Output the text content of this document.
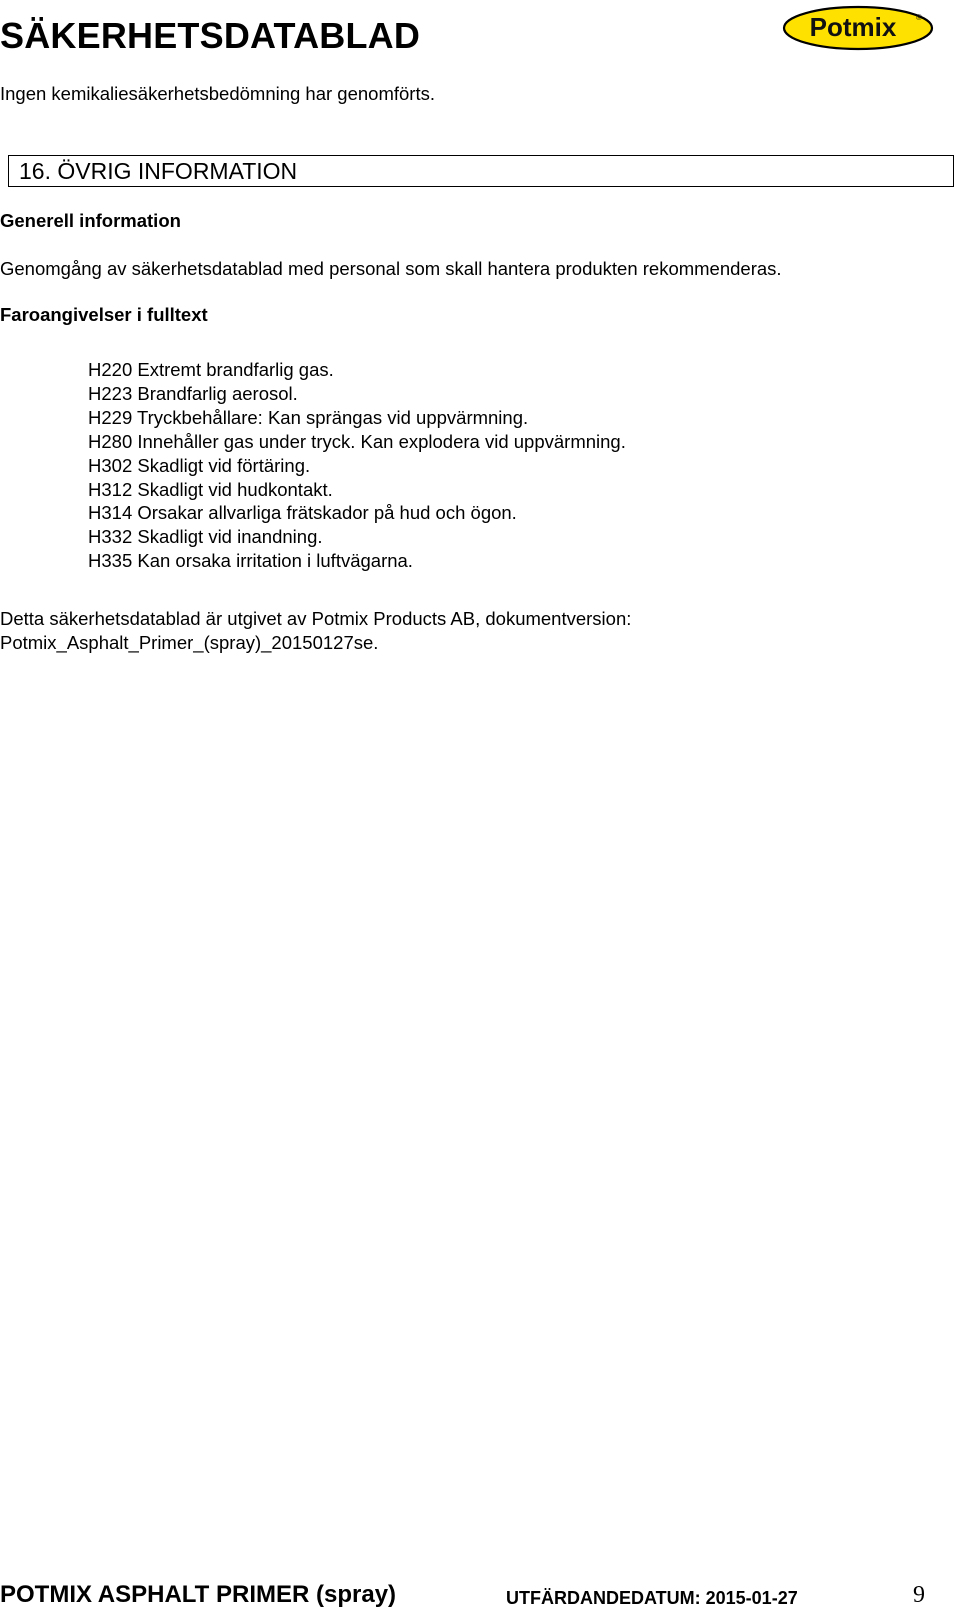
SÄKERHETSDATABLAD	Potmix ®
Ingen kemikaliesäkerhetsbedömning har genomförts.
16. ÖVRIG INFORMATION
Generell information
Genomgång av säkerhetsdatablad med personal som skall hantera produkten rekommenderas.
Faroangivelser i fulltext
H220 Extremt brandfarlig gas.
H223 Brandfarlig aerosol.
H229 Tryckbehållare: Kan sprängas vid uppvärmning.
H280 Innehåller gas under tryck. Kan explodera vid uppvärmning.
H302 Skadligt vid förtäring.
H312 Skadligt vid hudkontakt.
H314 Orsakar allvarliga frätskador på hud och ögon.
H332 Skadligt vid inandning.
H335 Kan orsaka irritation i luftvägarna.
Detta säkerhetsdatablad är utgivet av Potmix Products AB, dokumentversion:
Potmix_Asphalt_Primer_(spray)_20150127se.
POTMIX ASPHALT PRIMER (spray)	UTFÄRDANDEDATUM: 2015-01-27	9
